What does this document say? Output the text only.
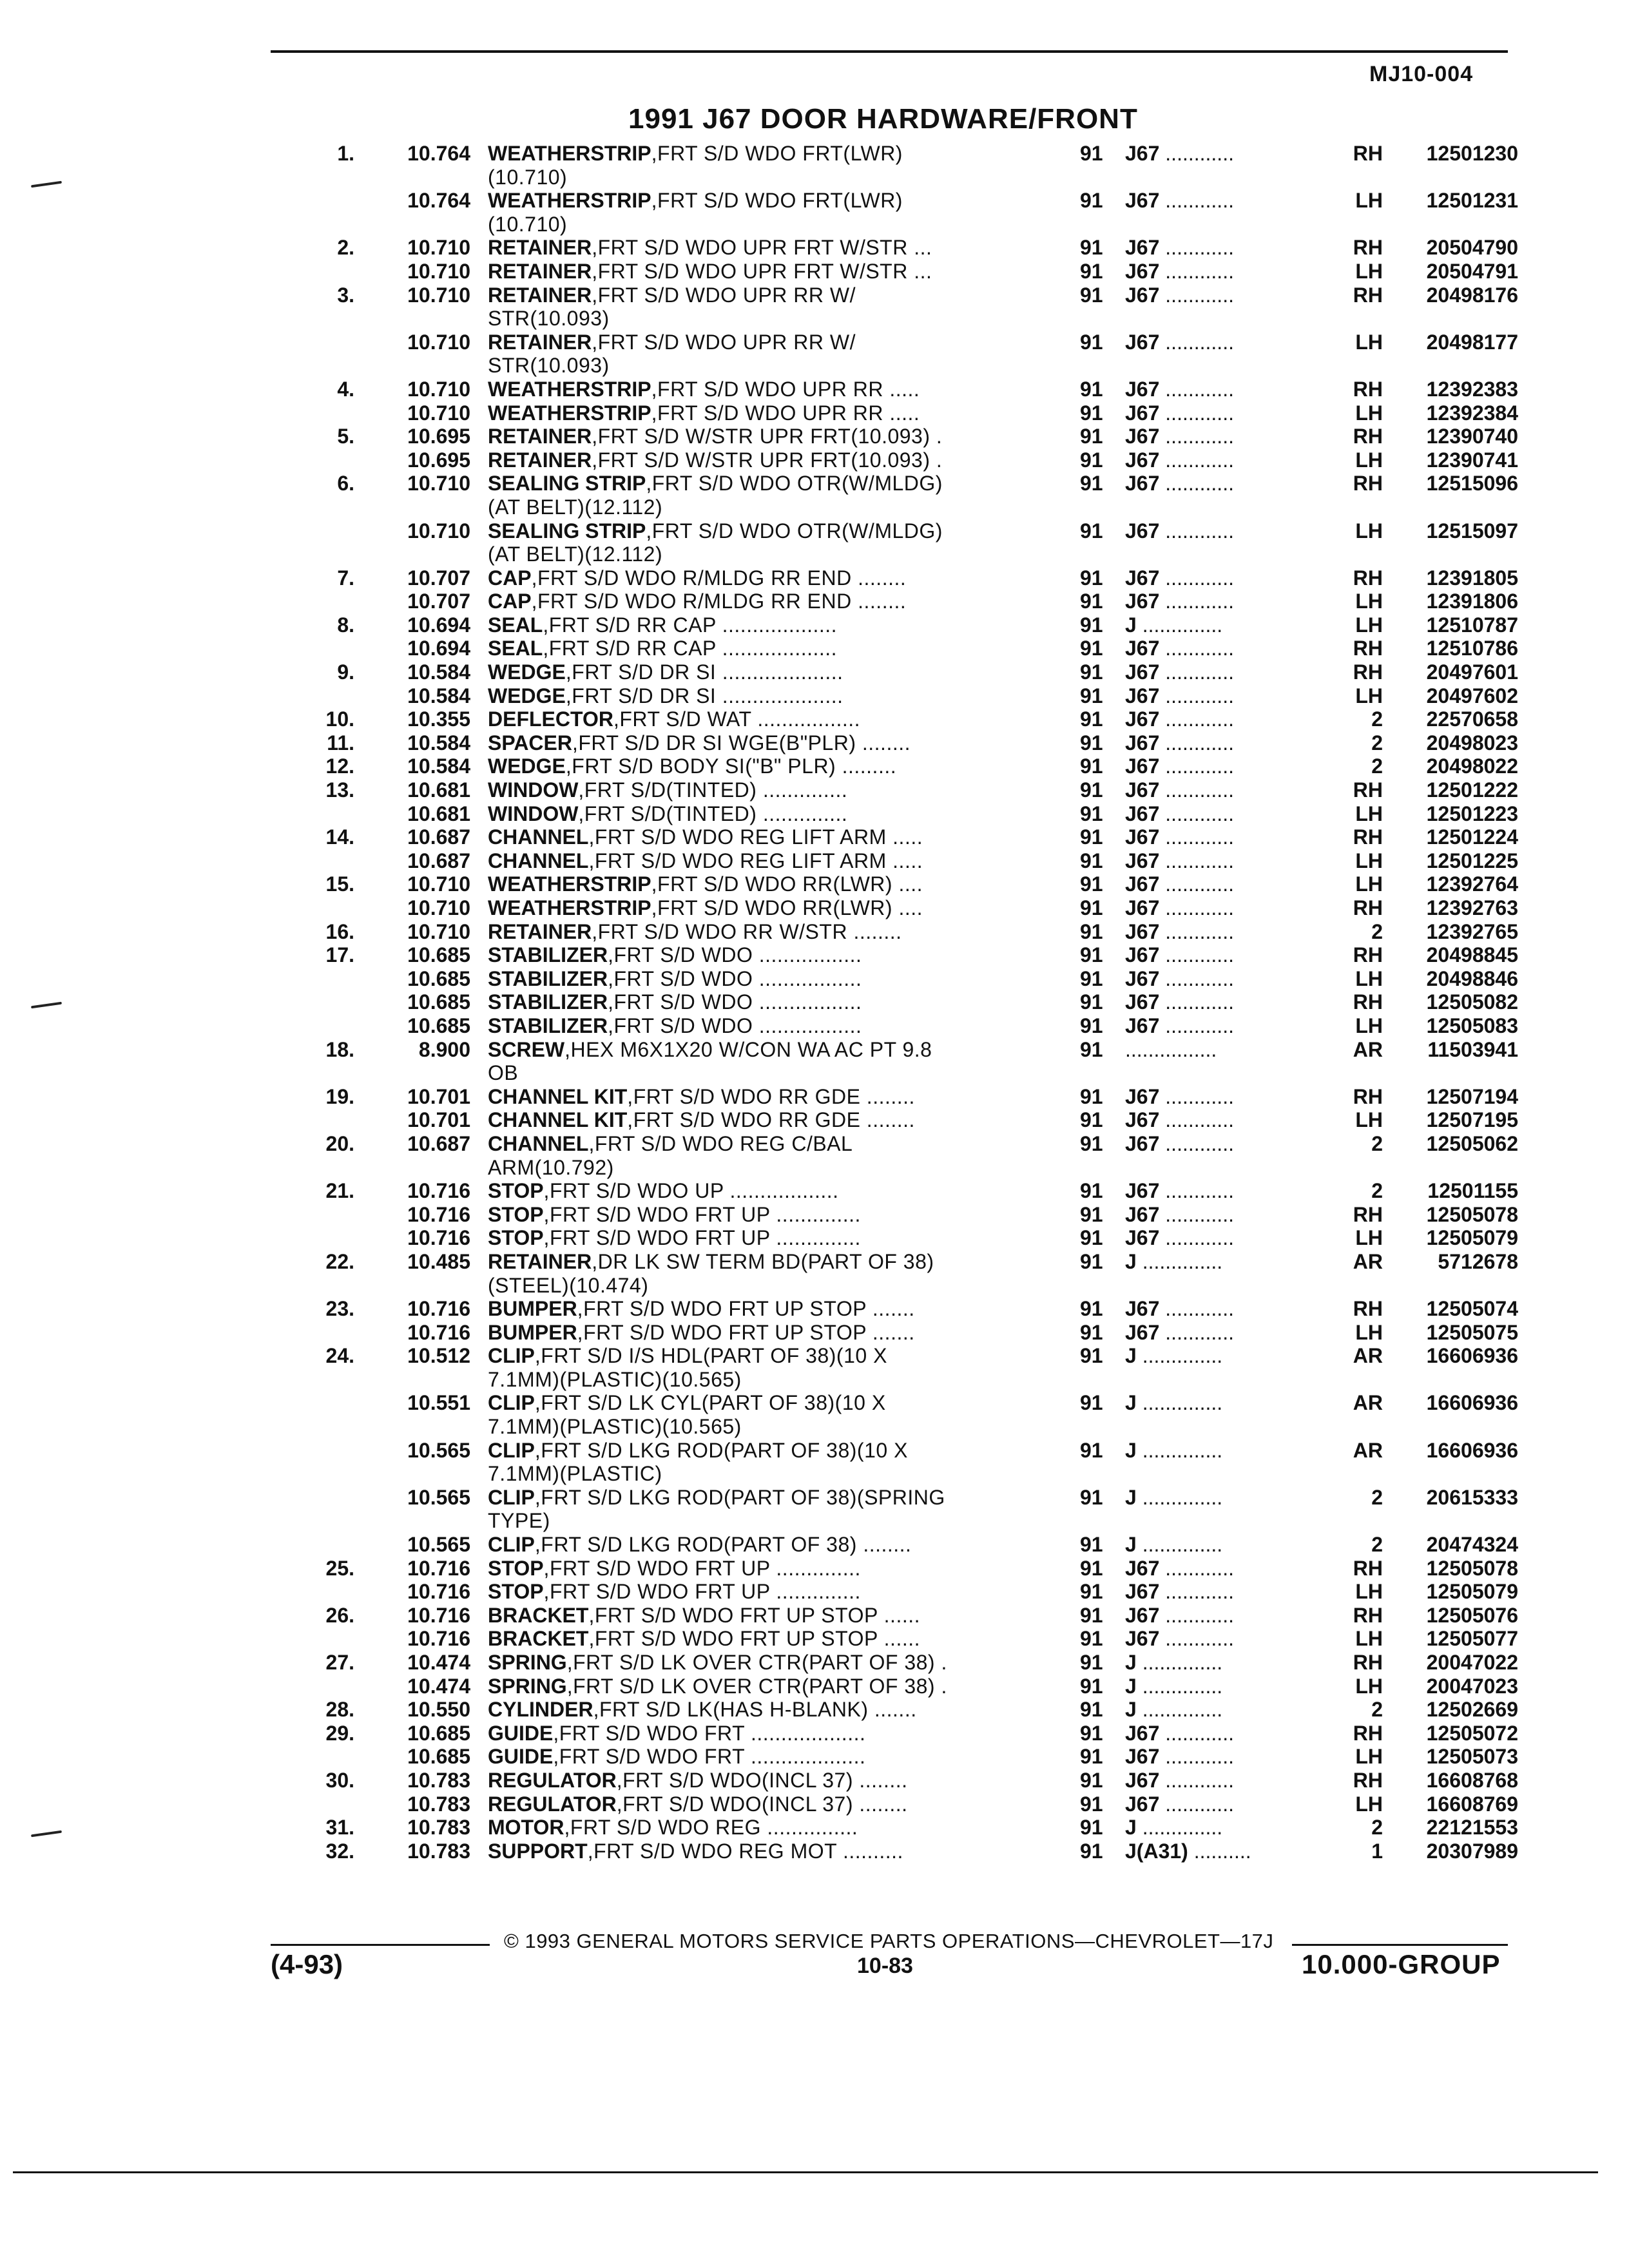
MJ10-004
1991 J67 DOOR HARDWARE/FRONT
1.	10.764 WEATHERSTRIP,FRT S/D WDO FRT(LWR)
(10.710)
91	J67 ............	RH	12501230
10.764 WEATHERSTRIP,FRT S/D WDO FRT(LWR)
(10.710)
91	J67 ............	LH	12501231
2.	10.710 RETAINER,FRT S/D WDO UPR FRT W/STR ...	91	J67 ............	RH	20504790
10.710 RETAINER,FRT S/D WDO UPR FRT W/STR ...	91	J67 ............	LH	20504791
3.	10.710 RETAINER,FRT S/D WDO UPR RR W/
STR(10.093)
91	J67 ............	RH	20498176
10.710 RETAINER,FRT S/D WDO UPR RR W/
STR(10.093)
91	J67 ............	LH	20498177
4.	10.710 WEATHERSTRIP,FRT S/D WDO UPR RR .....	91	J67 ............	RH	12392383
10.710 WEATHERSTRIP,FRT S/D WDO UPR RR .....	91	J67 ............	LH	12392384
5.	10.695 RETAINER,FRT S/D W/STR UPR FRT(10.093) .	91	J67 ............	RH	12390740
10.695 RETAINER,FRT S/D W/STR UPR FRT(10.093) .	91	J67 ............	LH	12390741
6.	10.710 SEALING STRIP,FRT S/D WDO OTR(W/MLDG)
(AT BELT)(12.112)
91	J67 ............	RH	12515096
10.710 SEALING STRIP,FRT S/D WDO OTR(W/MLDG)
(AT BELT)(12.112)
91	J67 ............	LH	12515097
7.	10.707 CAP,FRT S/D WDO R/MLDG RR END ........	91	J67 ............	RH	12391805
10.707 CAP,FRT S/D WDO R/MLDG RR END ........	91	J67 ............	LH	12391806
8.	10.694 SEAL,FRT S/D RR CAP ...................	91	J ..............	LH	12510787
10.694 SEAL,FRT S/D RR CAP ...................	91	J67 ............	RH	12510786
9.	10.584 WEDGE,FRT S/D DR SI ....................	91	J67 ............	RH	20497601
10.584 WEDGE,FRT S/D DR SI ....................	91	J67 ............	LH	20497602
10.	10.355 DEFLECTOR,FRT S/D WAT .................	91	J67 ............	2	22570658
11.	10.584 SPACER,FRT S/D DR SI WGE(B"PLR) ........	91	J67 ............	2	20498023
12.	10.584 WEDGE,FRT S/D BODY SI("B" PLR) .........	91	J67 ............	2	20498022
13.	10.681 WINDOW,FRT S/D(TINTED) ..............	91	J67 ............	RH	12501222
10.681 WINDOW,FRT S/D(TINTED) ..............	91	J67 ............	LH	12501223
14.	10.687 CHANNEL,FRT S/D WDO REG LIFT ARM .....	91	J67 ............	RH	12501224
10.687 CHANNEL,FRT S/D WDO REG LIFT ARM .....	91	J67 ............	LH	12501225
15.	10.710 WEATHERSTRIP,FRT S/D WDO RR(LWR) ....	91	J67 ............	LH	12392764
10.710 WEATHERSTRIP,FRT S/D WDO RR(LWR) ....	91	J67 ............	RH	12392763
16.	10.710 RETAINER,FRT S/D WDO RR W/STR ........	91	J67 ............	2	12392765
17.	10.685 STABILIZER,FRT S/D WDO .................	91	J67 ............	RH	20498845
10.685 STABILIZER,FRT S/D WDO .................	91	J67 ............	LH	20498846
10.685 STABILIZER,FRT S/D WDO .................	91	J67 ............	RH	12505082
10.685 STABILIZER,FRT S/D WDO .................	91	J67 ............	LH	12505083
18.	8.900 SCREW,HEX M6X1X20 W/CON WA AC PT 9.8
OB
91	................	AR	11503941
19.	10.701 CHANNEL KIT,FRT S/D WDO RR GDE ........	91	J67 ............	RH	12507194
10.701 CHANNEL KIT,FRT S/D WDO RR GDE ........	91	J67 ............	LH	12507195
20.	10.687 CHANNEL,FRT S/D WDO REG C/BAL
ARM(10.792)
91	J67 ............	2	12505062
21.	10.716 STOP,FRT S/D WDO UP ..................	91	J67 ............	2	12501155
10.716 STOP,FRT S/D WDO FRT UP ..............	91	J67 ............	RH	12505078
10.716 STOP,FRT S/D WDO FRT UP ..............	91	J67 ............	LH	12505079
22.	10.485 RETAINER,DR LK SW TERM BD(PART OF 38)
(STEEL)(10.474)
91	J ..............	AR	5712678
23.	10.716 BUMPER,FRT S/D WDO FRT UP STOP .......	91	J67 ............	RH	12505074
10.716 BUMPER,FRT S/D WDO FRT UP STOP .......	91	J67 ............	LH	12505075
24.	10.512 CLIP,FRT S/D I/S HDL(PART OF 38)(10 X
7.1MM)(PLASTIC)(10.565)
91	J ..............	AR	16606936
10.551 CLIP,FRT S/D LK CYL(PART OF 38)(10 X
7.1MM)(PLASTIC)(10.565)
91	J ..............	AR	16606936
10.565 CLIP,FRT S/D LKG ROD(PART OF 38)(10 X
7.1MM)(PLASTIC)
91	J ..............	AR	16606936
10.565 CLIP,FRT S/D LKG ROD(PART OF 38)(SPRING
TYPE)
91	J ..............	2	20615333
10.565 CLIP,FRT S/D LKG ROD(PART OF 38) ........	91	J ..............	2	20474324
25.	10.716 STOP,FRT S/D WDO FRT UP ..............	91	J67 ............	RH	12505078
10.716 STOP,FRT S/D WDO FRT UP ..............	91	J67 ............	LH	12505079
26.	10.716 BRACKET,FRT S/D WDO FRT UP STOP ......	91	J67 ............	RH	12505076
10.716 BRACKET,FRT S/D WDO FRT UP STOP ......	91	J67 ............	LH	12505077
27.	10.474 SPRING,FRT S/D LK OVER CTR(PART OF 38) .	91	J ..............	RH	20047022
10.474 SPRING,FRT S/D LK OVER CTR(PART OF 38) .	91	J ..............	LH	20047023
28.	10.550 CYLINDER,FRT S/D LK(HAS H-BLANK) .......	91	J ..............	2	12502669
29.	10.685 GUIDE,FRT S/D WDO FRT ...................	91	J67 ............	RH	12505072
10.685 GUIDE,FRT S/D WDO FRT ...................	91	J67 ............	LH	12505073
30.	10.783 REGULATOR,FRT S/D WDO(INCL 37) ........	91	J67 ............	RH	16608768
10.783 REGULATOR,FRT S/D WDO(INCL 37) ........	91	J67 ............	LH	16608769
31.	10.783 MOTOR,FRT S/D WDO REG ...............	91	J ..............	2	22121553
32.	10.783 SUPPORT,FRT S/D WDO REG MOT ..........	91	J(A31) ..........	1	20307989
© 1993 GENERAL MOTORS SERVICE PARTS OPERATIONS—CHEVROLET—17J
(4-93)	10-83	10.000-GROUP
